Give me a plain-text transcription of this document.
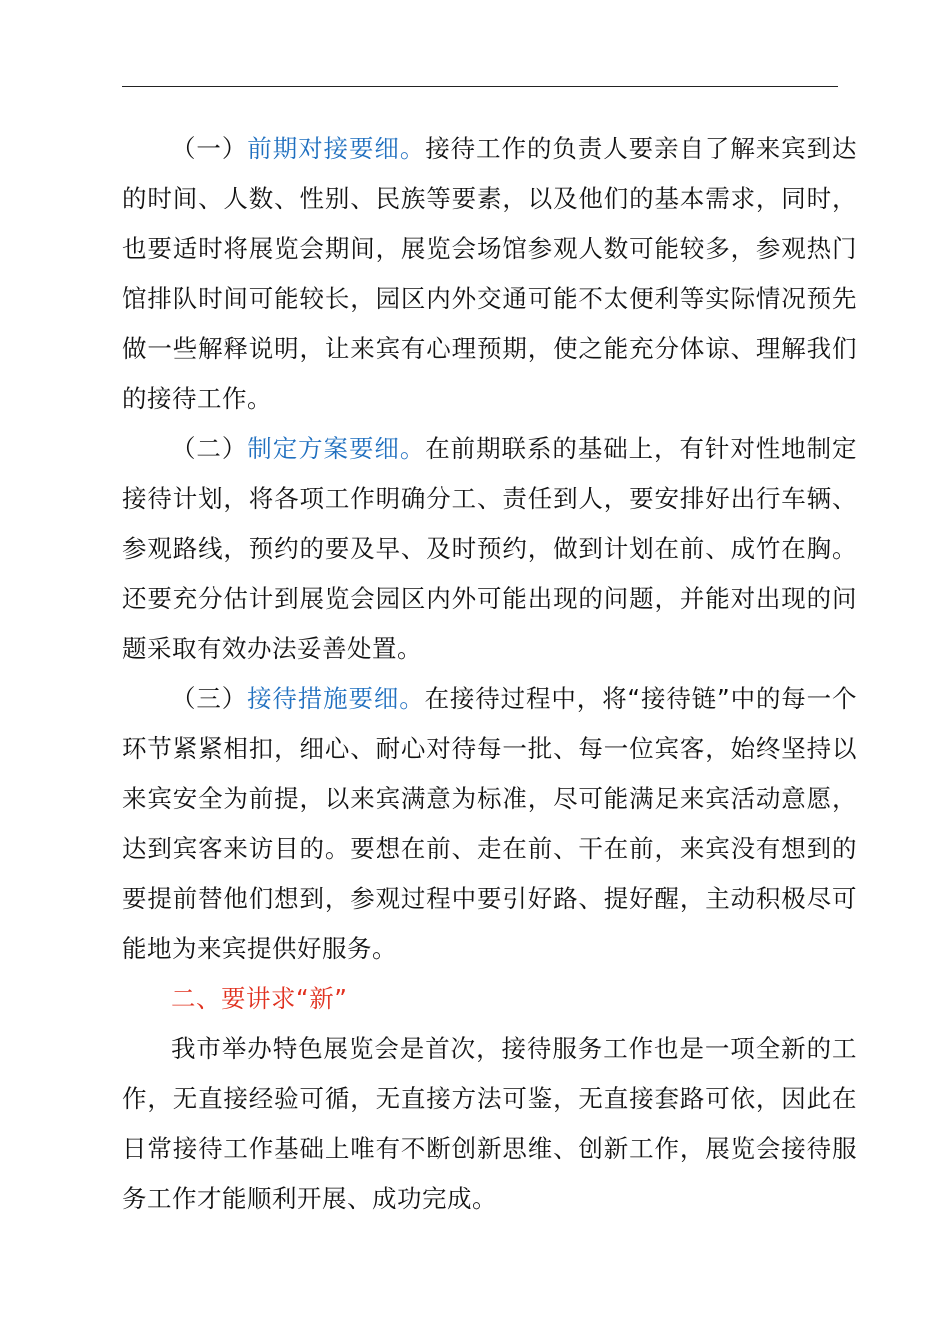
（一）前期对接要细。接待工作的负责人要亲自了解来宾到达的时间、人数、性别、民族等要素，以及他们的基本需求，同时，也要适时将展览会期间，展览会场馆参观人数可能较多，参观热门馆排队时间可能较长，园区内外交通可能不太便利等实际情况预先做一些解释说明，让来宾有心理预期，使之能充分体谅、理解我们的接待工作。

（二）制定方案要细。在前期联系的基础上，有针对性地制定接待计划，将各项工作明确分工、责任到人，要安排好出行车辆、参观路线，预约的要及早、及时预约，做到计划在前、成竹在胸。还要充分估计到展览会园区内外可能出现的问题，并能对出现的问题采取有效办法妥善处置。

（三）接待措施要细。在接待过程中，将“接待链”中的每一个环节紧紧相扣，细心、耐心对待每一批、每一位宾客，始终坚持以来宾安全为前提，以来宾满意为标准，尽可能满足来宾活动意愿，达到宾客来访目的。要想在前、走在前、干在前，来宾没有想到的要提前替他们想到，参观过程中要引好路、提好醒，主动积极尽可能地为来宾提供好服务。

二、要讲求“新”

我市举办特色展览会是首次，接待服务工作也是一项全新的工作，无直接经验可循，无直接方法可鉴，无直接套路可依，因此在日常接待工作基础上唯有不断创新思维、创新工作，展览会接待服务工作才能顺利开展、成功完成。
